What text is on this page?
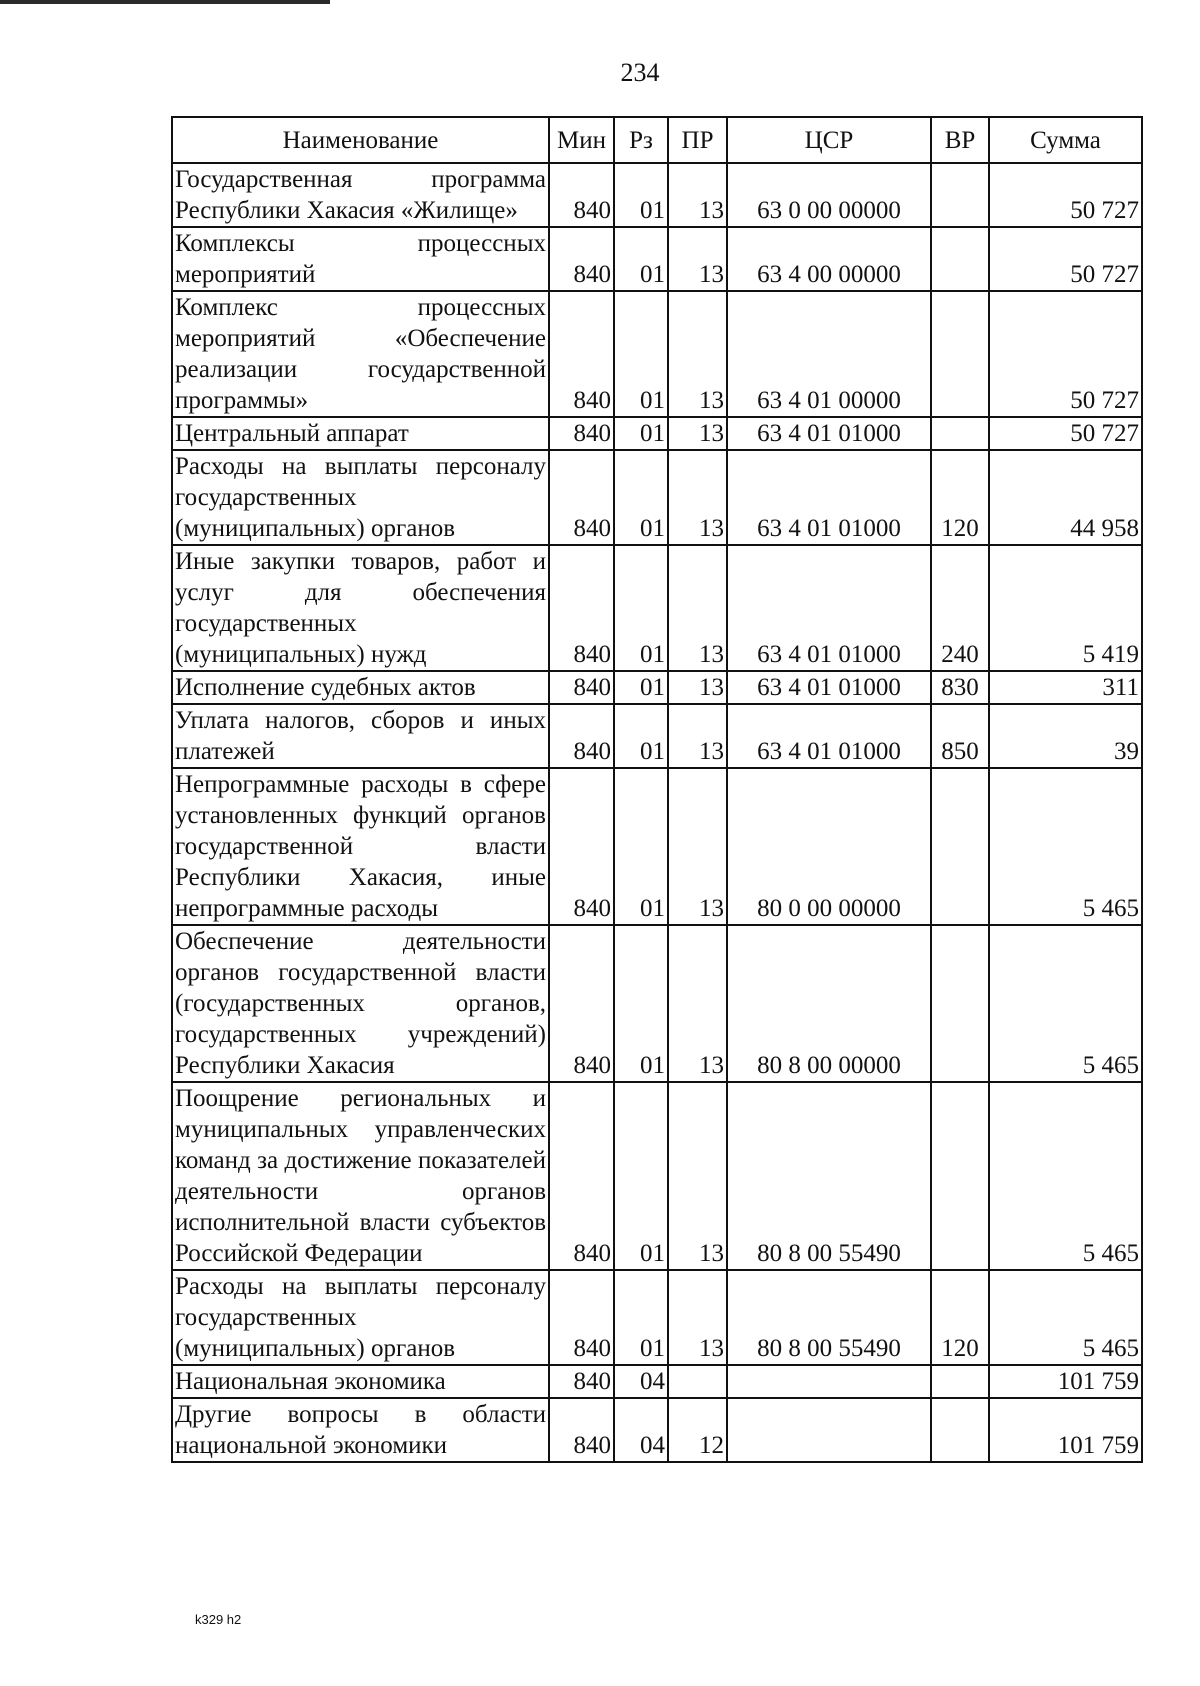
234
Наименование	Мин	Рз	ПР	ЦСР	ВР	Сумма
Государственная программа Республики Хакасия «Жилище»	840	01	13	63 0 00 00000		50 727
Комплексы процессных мероприятий	840	01	13	63 4 00 00000		50 727
Комплекс процессных мероприятий «Обеспечение реализации государственной программы»	840	01	13	63 4 01 00000		50 727
Центральный аппарат	840	01	13	63 4 01 01000		50 727
Расходы на выплаты персоналу государственных (муниципальных) органов	840	01	13	63 4 01 01000	120	44 958
Иные закупки товаров, работ и услуг для обеспечения государственных (муниципальных) нужд	840	01	13	63 4 01 01000	240	5 419
Исполнение судебных актов	840	01	13	63 4 01 01000	830	311
Уплата налогов, сборов и иных платежей	840	01	13	63 4 01 01000	850	39
Непрограммные расходы в сфере установленных функций органов государственной власти Республики Хакасия, иные непрограммные расходы	840	01	13	80 0 00 00000		5 465
Обеспечение деятельности органов государственной власти (государственных органов, государственных учреждений) Республики Хакасия	840	01	13	80 8 00 00000		5 465
Поощрение региональных и муниципальных управленческих команд за достижение показателей деятельности органов исполнительной власти субъектов Российской Федерации	840	01	13	80 8 00 55490		5 465
Расходы на выплаты персоналу государственных (муниципальных) органов	840	01	13	80 8 00 55490	120	5 465
Национальная экономика	840	04				101 759
Другие вопросы в области национальной экономики	840	04	12			101 759
k329 h2
